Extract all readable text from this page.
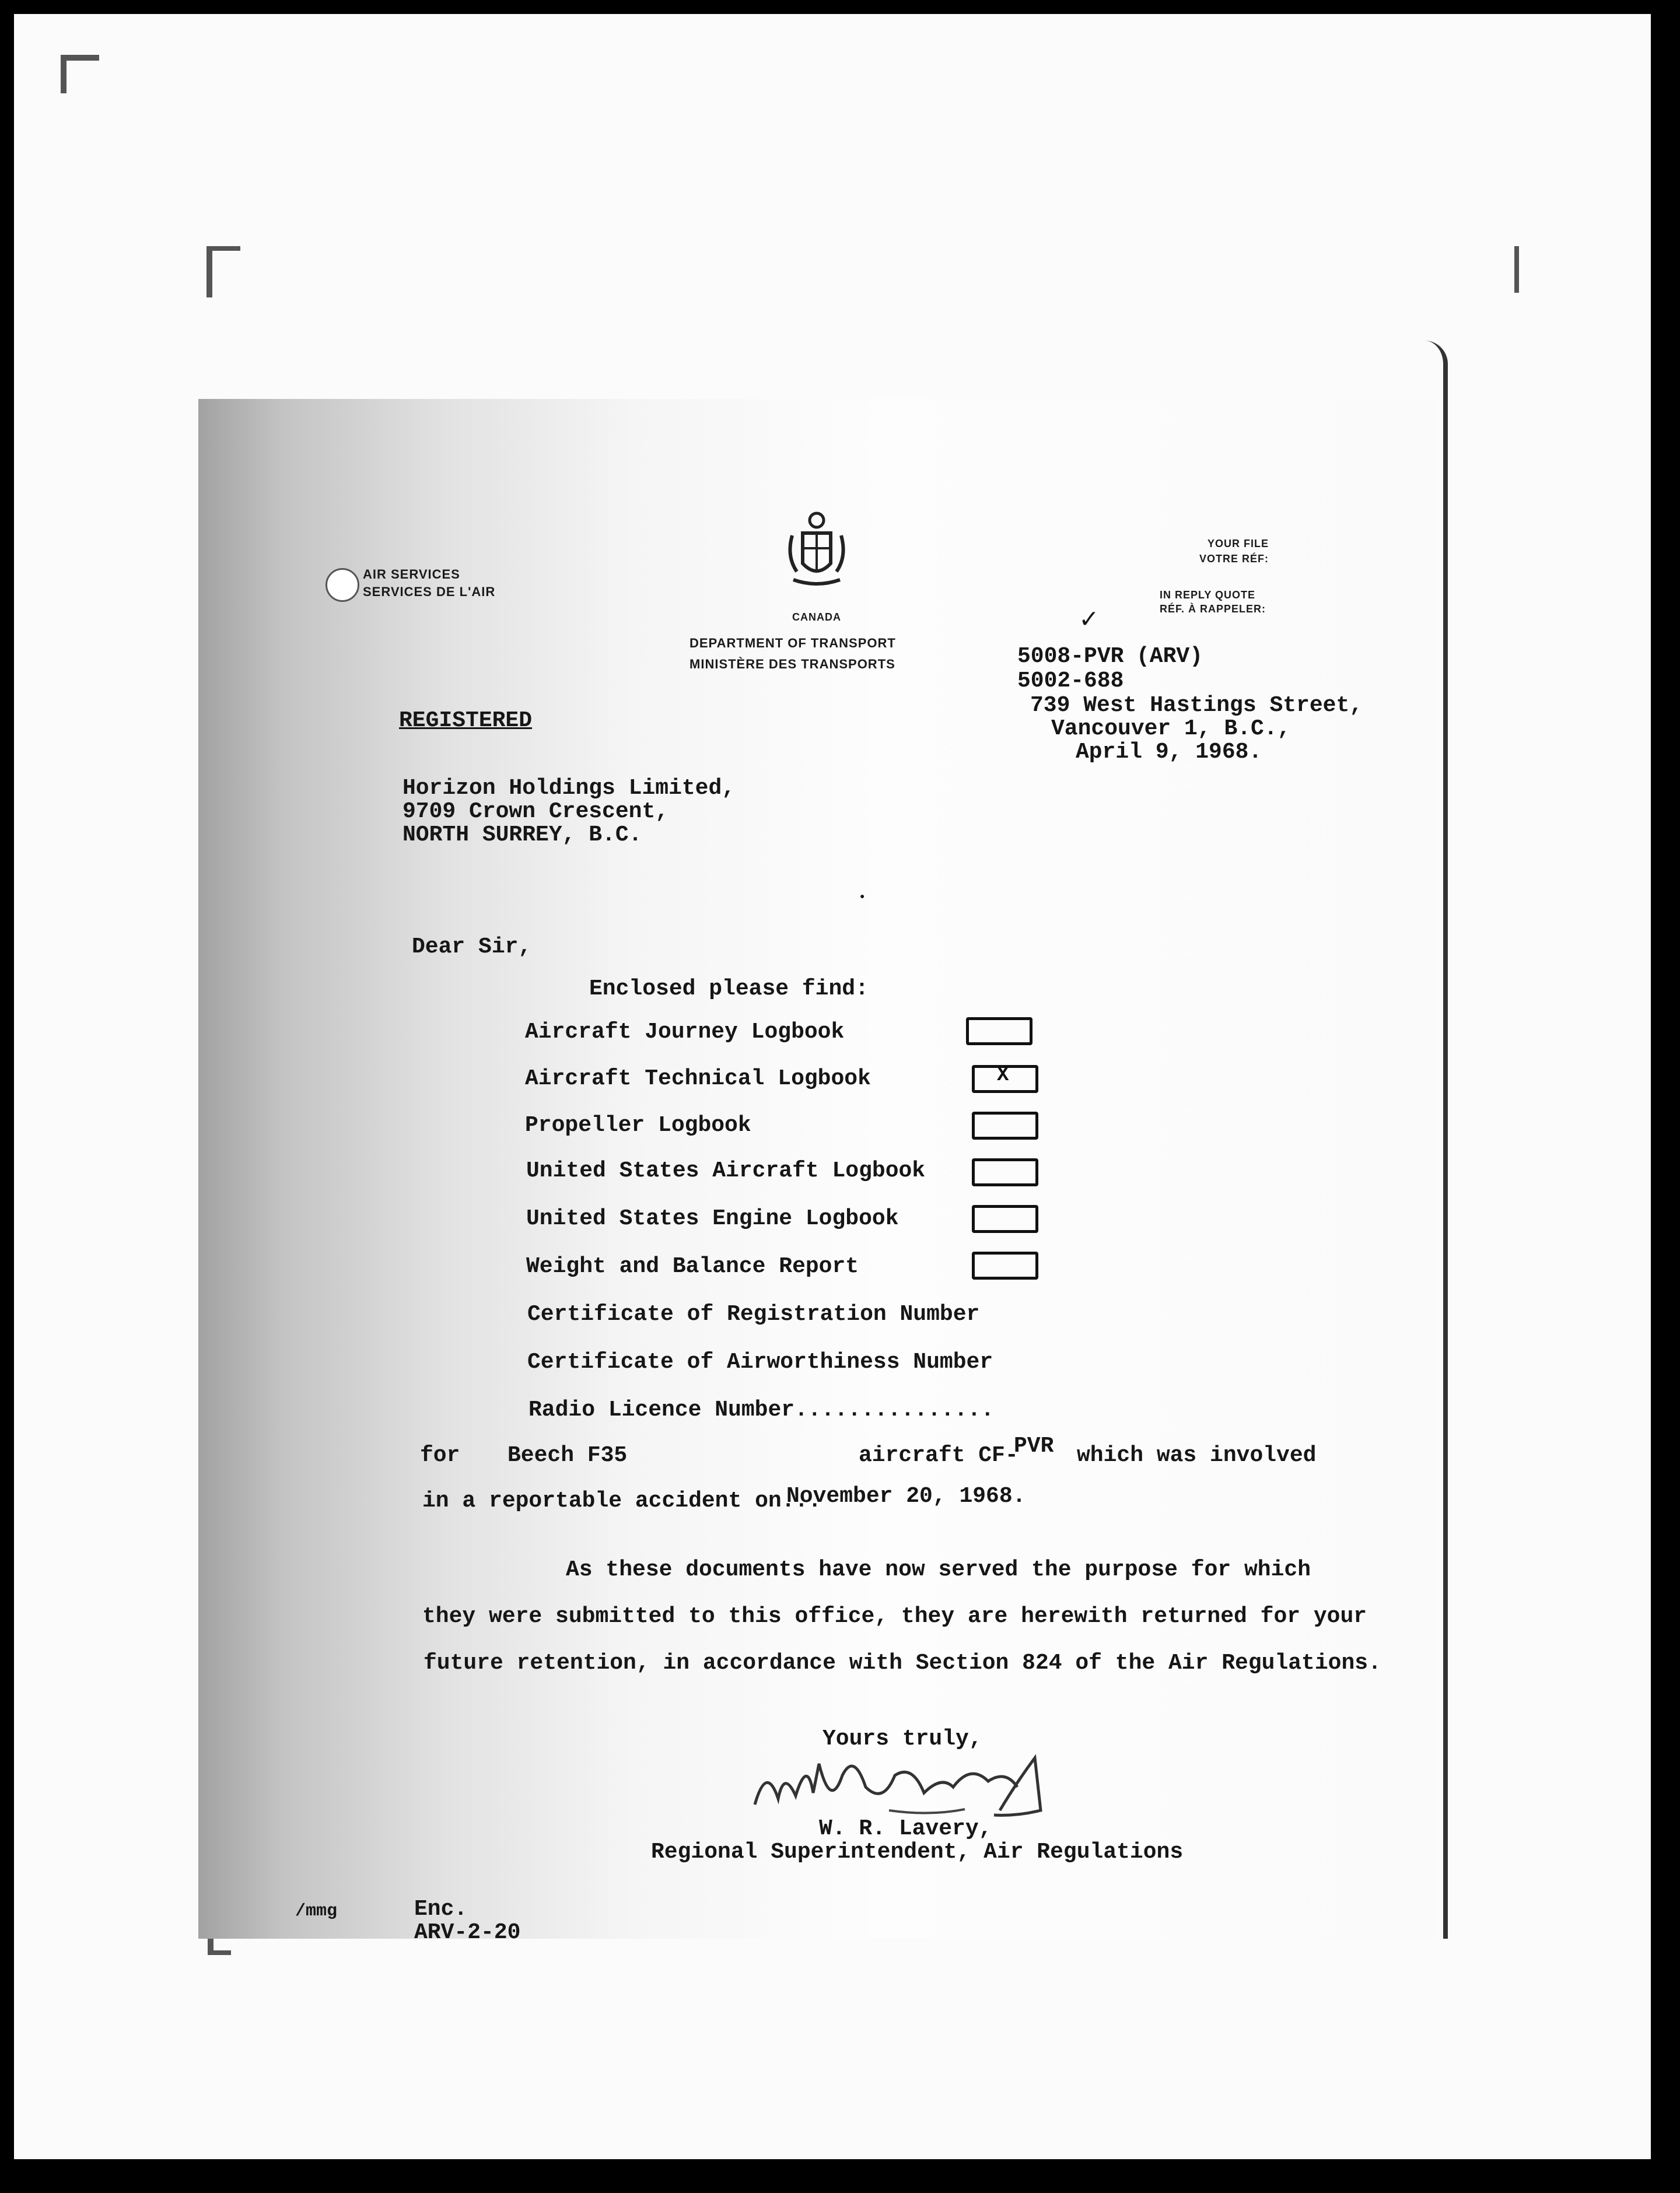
AIR SERVICES
SERVICES DE L'AIR
CANADA
DEPARTMENT OF TRANSPORT
MINISTÈRE DES TRANSPORTS
YOUR FILE
VOTRE RÉF:
IN REPLY QUOTE
RÉF. À RAPPELER:
✓
5008-PVR (ARV)
5002-688
739 West Hastings Street,
Vancouver 1, B.C.,
April 9, 1968.
REGISTERED
Horizon Holdings Limited,
9709 Crown Crescent,
NORTH SURREY, B.C.
●
Dear Sir,
Enclosed please find:
Aircraft Journey Logbook
Aircraft Technical Logbook	X
Propeller Logbook
United States Aircraft Logbook
United States Engine Logbook
Weight and Balance Report
Certificate of Registration Number
Certificate of Airworthiness Number
Radio Licence Number...............
for Beech F35	aircraft CF-
PVR which was involved
in a reportable accident on...
November 20, 1968.
As these documents have now served the purpose for which
they were submitted to this office, they are herewith returned for your
future retention, in accordance with Section 824 of the Air Regulations.
Yours truly,
W. R. Lavery,
Regional Superintendent, Air Regulations
/mmg	Enc.
ARV-2-20
